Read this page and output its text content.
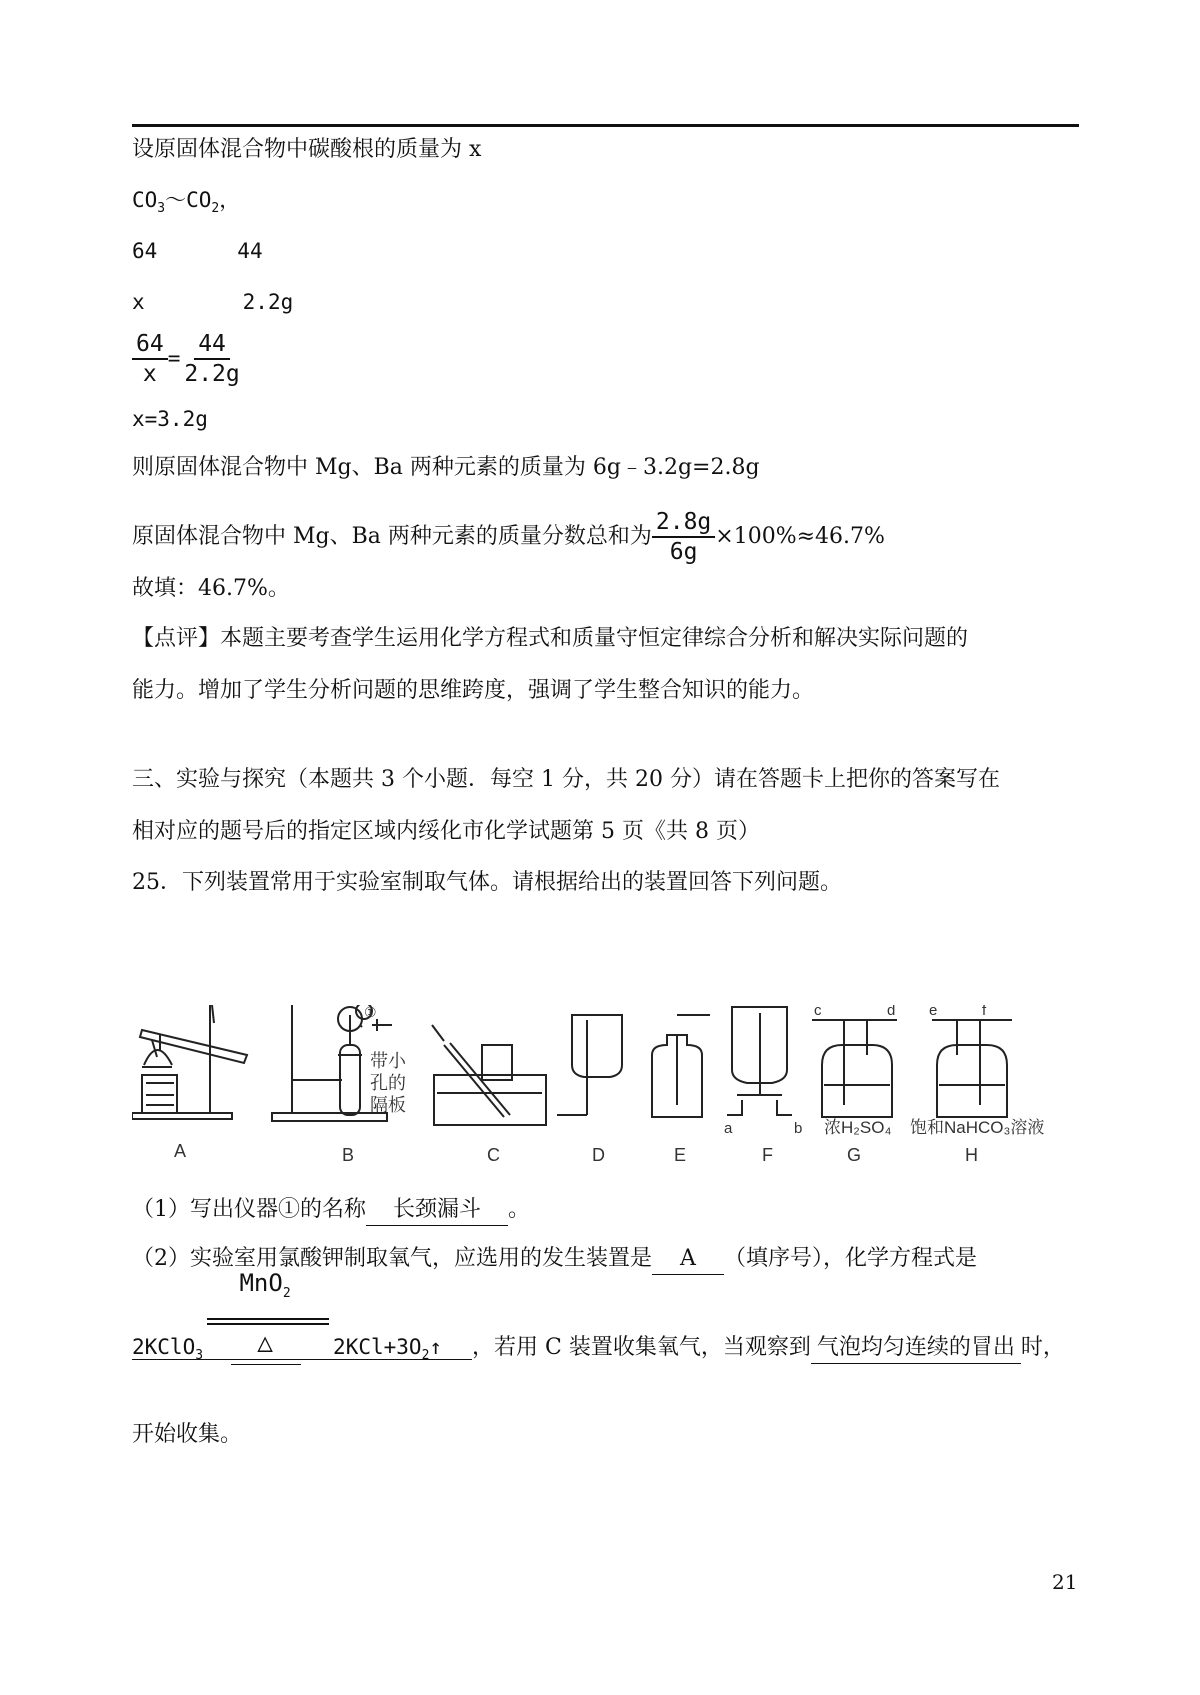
设原固体混合物中碳酸根的质量为 x
$CO_3\sim CO_2$，
64	44
x	2.2g
$\frac{64}{x} = \frac{44}{2.2g}$
x=3.2g
则原固体混合物中 Mg、Ba 两种元素的质量为 6g﹣3.2g=2.8g
原固体混合物中 Mg、Ba 两种元素的质量分数总和为 $\frac{2.8g}{6g} \times 100\%\approx 46.7\%$
故填：46.7%。
【点评】本题主要考查学生运用化学方程式和质量守恒定律综合分析和解决实际问题的
能力。增加了学生分析问题的思维跨度，强调了学生整合知识的能力。
三、实验与探究（本题共 3 个小题．每空 1 分，共 20 分）请在答题卡上把你的答案写在
相对应的题号后的指定区域内绥化市化学试题第 5 页《共 8 页）
25．下列装置常用于实验室制取气体。请根据给出的装置回答下列问题。
①
带小
孔的
隔板
a	b
c	d e	f
浓H₂SO₄ 饱和NaHCO₃溶液
A	B	C	D	E	F	G	H
（1）写出仪器①的名称 长颈漏斗 。
（2）实验室用氯酸钾制取氧气，应选用的发生装置是 A （填序号），化学方程式是
2KClO$_3$
MnO$_2$
△	$2KCl+3O_2↑$ ，若用 C 装置收集氧气，当观察到 气泡均匀连续的冒出 时，
开始收集。
21
